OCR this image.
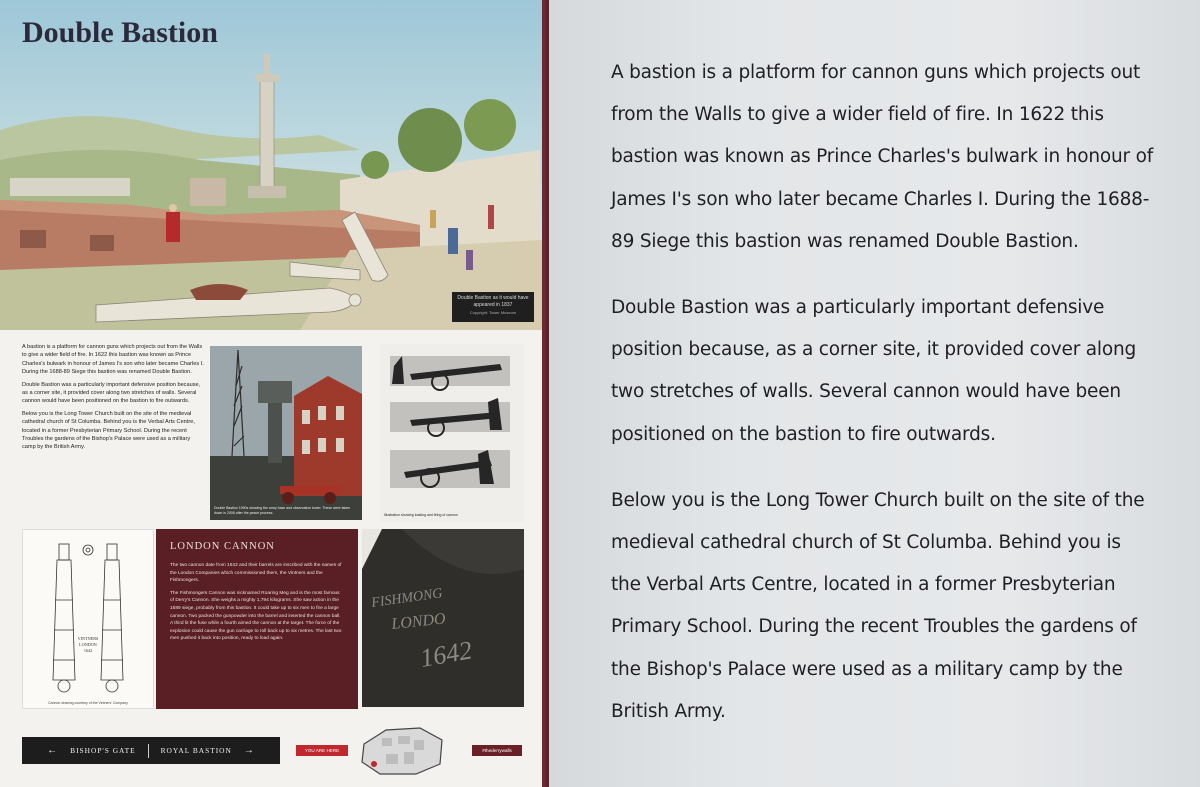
Double Bastion as it would have appeared in 1837
Copyright: Tower Museum
Double Bastion

A bastion is a platform for cannon guns which projects out from the Walls to give a wider field of fire. In 1622 this bastion was known as Prince Charles's bulwark in honour of James I's son who later became Charles I. During the 1688-89 Siege this bastion was renamed Double Bastion.

Double Bastion was a particularly important defensive position because, as a corner site, it provided cover along two stretches of walls. Several cannon would have been positioned on the bastion to fire outwards.

Below you is the Long Tower Church built on the site of the medieval cathedral church of St Columba. Behind you is the Verbal Arts Centre, located in a former Presbyterian Primary School. During the recent Troubles the gardens of the Bishop's Palace were used as a military camp by the British Army.

Double Bastion 1990s showing the army base and observation tower. These were taken down in 2006 after the peace process.	Illustration showing loading and firing of cannon
VINTNERS
LONDON
1642
Cannon drawing courtesy of the Vintners' Company
LONDON CANNON

The two cannon date from 1642 and their barrels are inscribed with the names of the London Companies which commissioned them, the Vintners and the Fishmongers.

The Fishmongers Cannon was nicknamed Roaring Meg and is the most famous of Derry's Cannon. She weighs a mighty 1,794 kilograms. She saw action in the 1689 siege, probably from this bastion. It could take up to six men to fire a large cannon. Two packed the gunpowder into the barrel and inserted the cannon ball. A third lit the fuse while a fourth aimed the cannon at the target. The force of the explosion could cause the gun carriage to roll back up to six metres. The last two men pushed it back into position, ready to load again.

FISHMONG
LONDO
1642
← BISHOP'S GATE	ROYAL BASTION →	YOU ARE HERE	#thederrywalls

A bastion is a platform for cannon guns which projects out from the Walls to give a wider field of fire. In 1622 this bastion was known as Prince Charles's bulwark in honour of James I's son who later became Charles I. During the 1688-89 Siege this bastion was renamed Double Bastion.

Double Bastion was a particularly important defensive position because, as a corner site, it provided cover along two stretches of walls. Several cannon would have been positioned on the bastion to fire outwards.

Below you is the Long Tower Church built on the site of the medieval cathedral church of St Columba. Behind you is the Verbal Arts Centre, located in a former Presbyterian Primary School. During the recent Troubles the gardens of the Bishop's Palace were used as a military camp by the British Army.
